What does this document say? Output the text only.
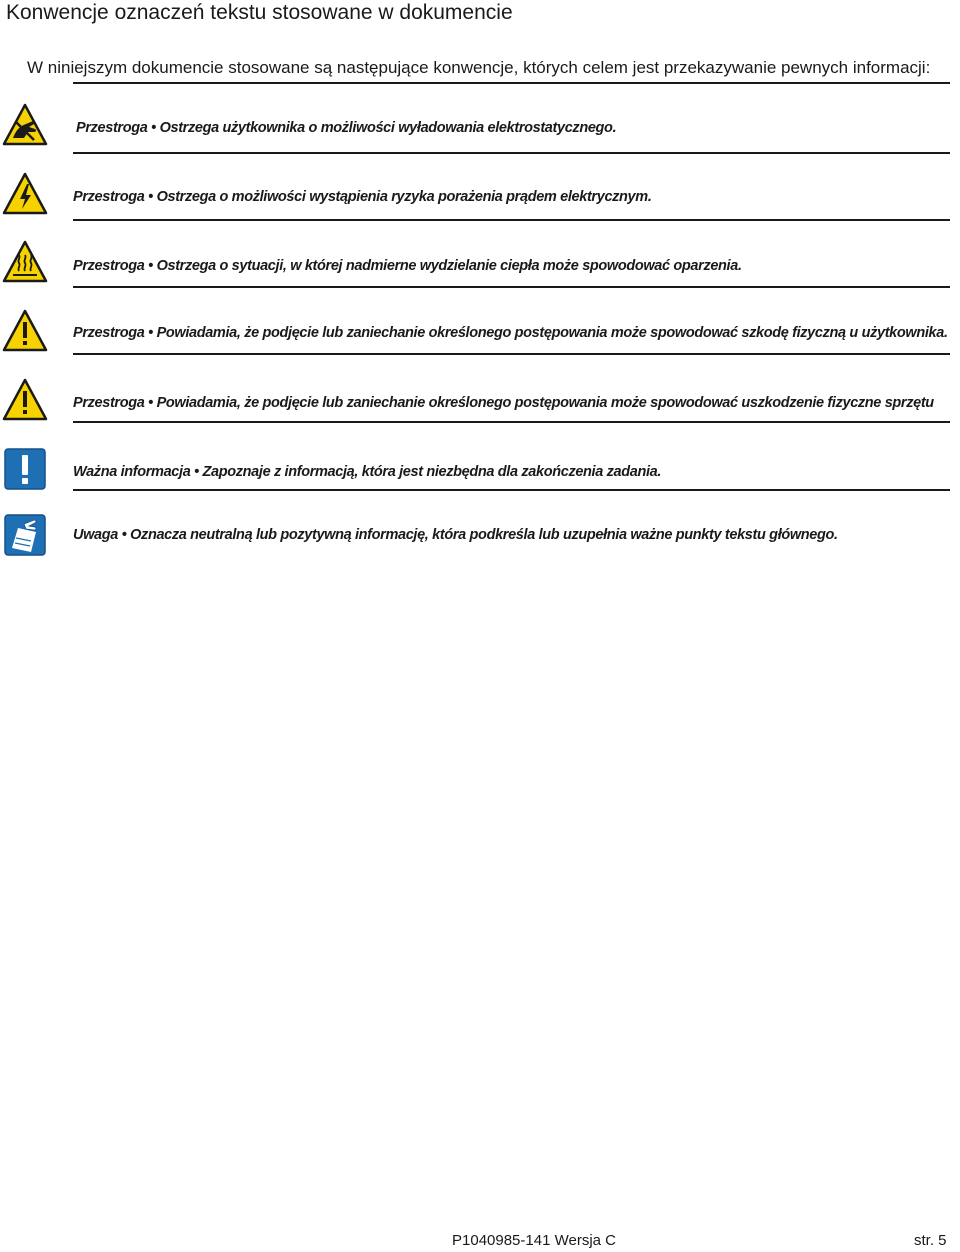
Konwencje oznaczeń tekstu stosowane w dokumencie

W niniejszym dokumencie stosowane są następujące konwencje, których celem jest przekazywanie pewnych informacji:

Przestroga • Ostrzega użytkownika o możliwości wyładowania elektrostatycznego.
Przestroga • Ostrzega o możliwości wystąpienia ryzyka porażenia prądem elektrycznym.
Przestroga • Ostrzega o sytuacji, w której nadmierne wydzielanie ciepła może spowodować oparzenia.
Przestroga • Powiadamia, że podjęcie lub zaniechanie określonego postępowania może spowodować szkodę fizyczną u użytkownika.
Przestroga • Powiadamia, że podjęcie lub zaniechanie określonego postępowania może spowodować uszkodzenie fizyczne sprzętu
Ważna informacja • Zapoznaje z informacją, która jest niezbędna dla zakończenia zadania.
Uwaga • Oznacza neutralną lub pozytywną informację, która podkreśla lub uzupełnia ważne punkty tekstu głównego.
P1040985-141 Wersja C	str. 5
